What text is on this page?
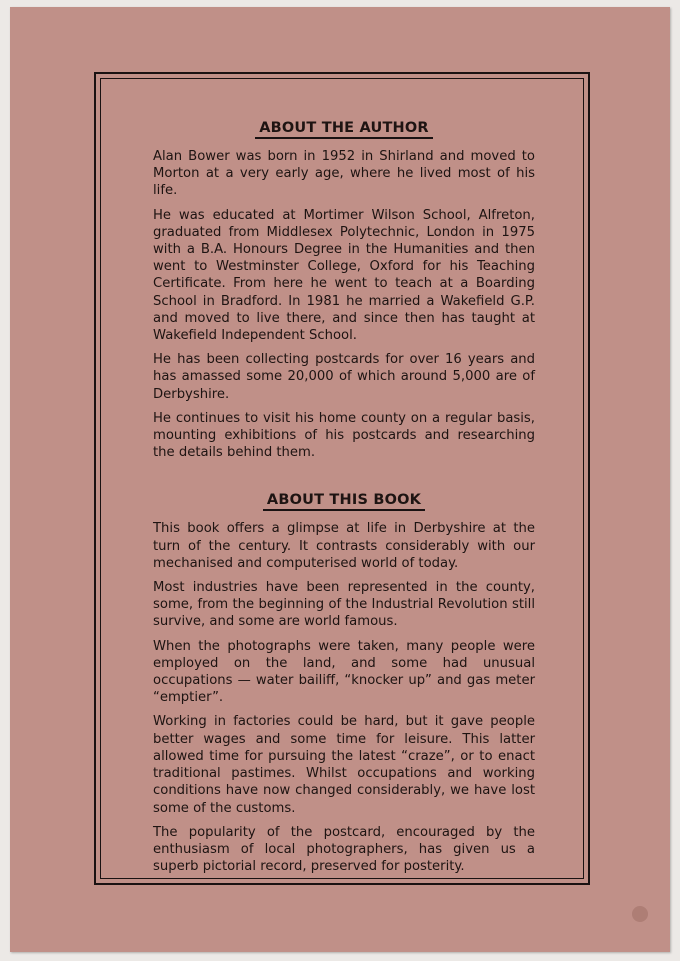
ABOUT THE AUTHOR

Alan Bower was born in 1952 in Shirland and moved to Morton at a very early age, where he lived most of his life.

He was educated at Mortimer Wilson School, Alfreton, graduated from Middlesex Polytechnic, London in 1975 with a B.A. Honours Degree in the Humanities and then went to Westminster College, Oxford for his Teaching Certificate. From here he went to teach at a Boarding School in Bradford. In 1981 he married a Wakefield G.P. and moved to live there, and since then has taught at Wakefield Independent School.

He has been collecting postcards for over 16 years and has amassed some 20,000 of which around 5,000 are of Derbyshire.

He continues to visit his home county on a regular basis, mounting exhibitions of his postcards and researching the details behind them.

ABOUT THIS BOOK

This book offers a glimpse at life in Derbyshire at the turn of the century. It contrasts considerably with our mechanised and computerised world of today.

Most industries have been represented in the county, some, from the beginning of the Industrial Revolution still survive, and some are world famous.

When the photographs were taken, many people were employed on the land, and some had unusual occupations — water bailiff, “knocker up” and gas meter “emptier”.

Working in factories could be hard, but it gave people better wages and some time for leisure. This latter allowed time for pursuing the latest “craze”, or to enact traditional pastimes. Whilst occupations and working conditions have now changed considerably, we have lost some of the customs.

The popularity of the postcard, encouraged by the enthusiasm of local photographers, has given us a superb pictorial record, preserved for posterity.
